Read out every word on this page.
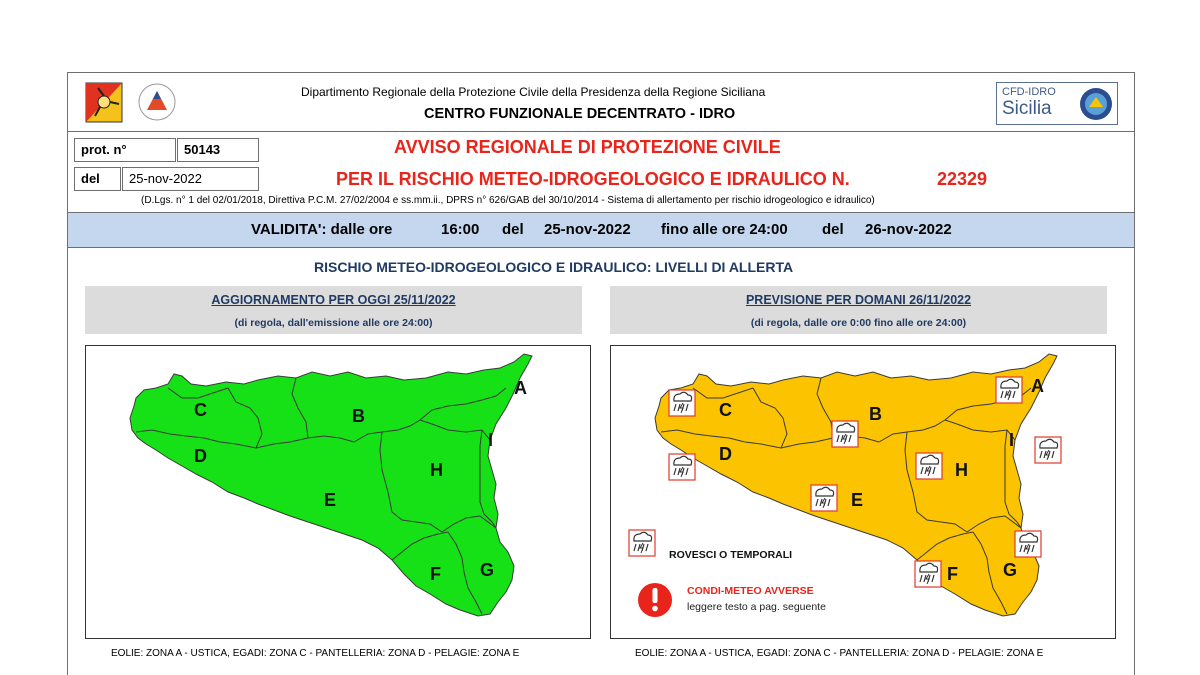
Dipartimento Regionale della Protezione Civile della Presidenza della Regione Siciliana
CENTRO FUNZIONALE DECENTRATO - IDRO
CFD-IDRO
Sicilia
prot. n°	50143
del	25-nov-2022
AVVISO REGIONALE DI PROTEZIONE CIVILE
PER IL RISCHIO METEO-IDROGEOLOGICO E IDRAULICO N.	22329
(D.Lgs. n° 1 del 02/01/2018, Direttiva P.C.M. 27/02/2004 e ss.mm.ii., DPRS n° 626/GAB del 30/10/2014 - Sistema di allertamento per rischio idrogeologico e idraulico)
VALIDITA': dalle ore	16:00 del 25-nov-2022 fino alle ore 24:00 del 26-nov-2022
RISCHIO METEO-IDROGEOLOGICO E IDRAULICO: LIVELLI DI ALLERTA
AGGIORNAMENTO PER OGGI 25/11/2022
(di regola, dall'emissione alle ore 24:00)
PREVISIONE PER DOMANI 26/11/2022
(di regola, dalle ore 0:00 fino alle ore 24:00)
A
B
C
D
E
F G
H
I
A
B
C
D
E
F	G
H
I
ROVESCI O TEMPORALI
CONDI-METEO AVVERSE
leggere testo a pag. seguente
EOLIE: ZONA A - USTICA, EGADI: ZONA C - PANTELLERIA: ZONA D - PELAGIE: ZONA E	EOLIE: ZONA A - USTICA, EGADI: ZONA C - PANTELLERIA: ZONA D - PELAGIE: ZONA E
